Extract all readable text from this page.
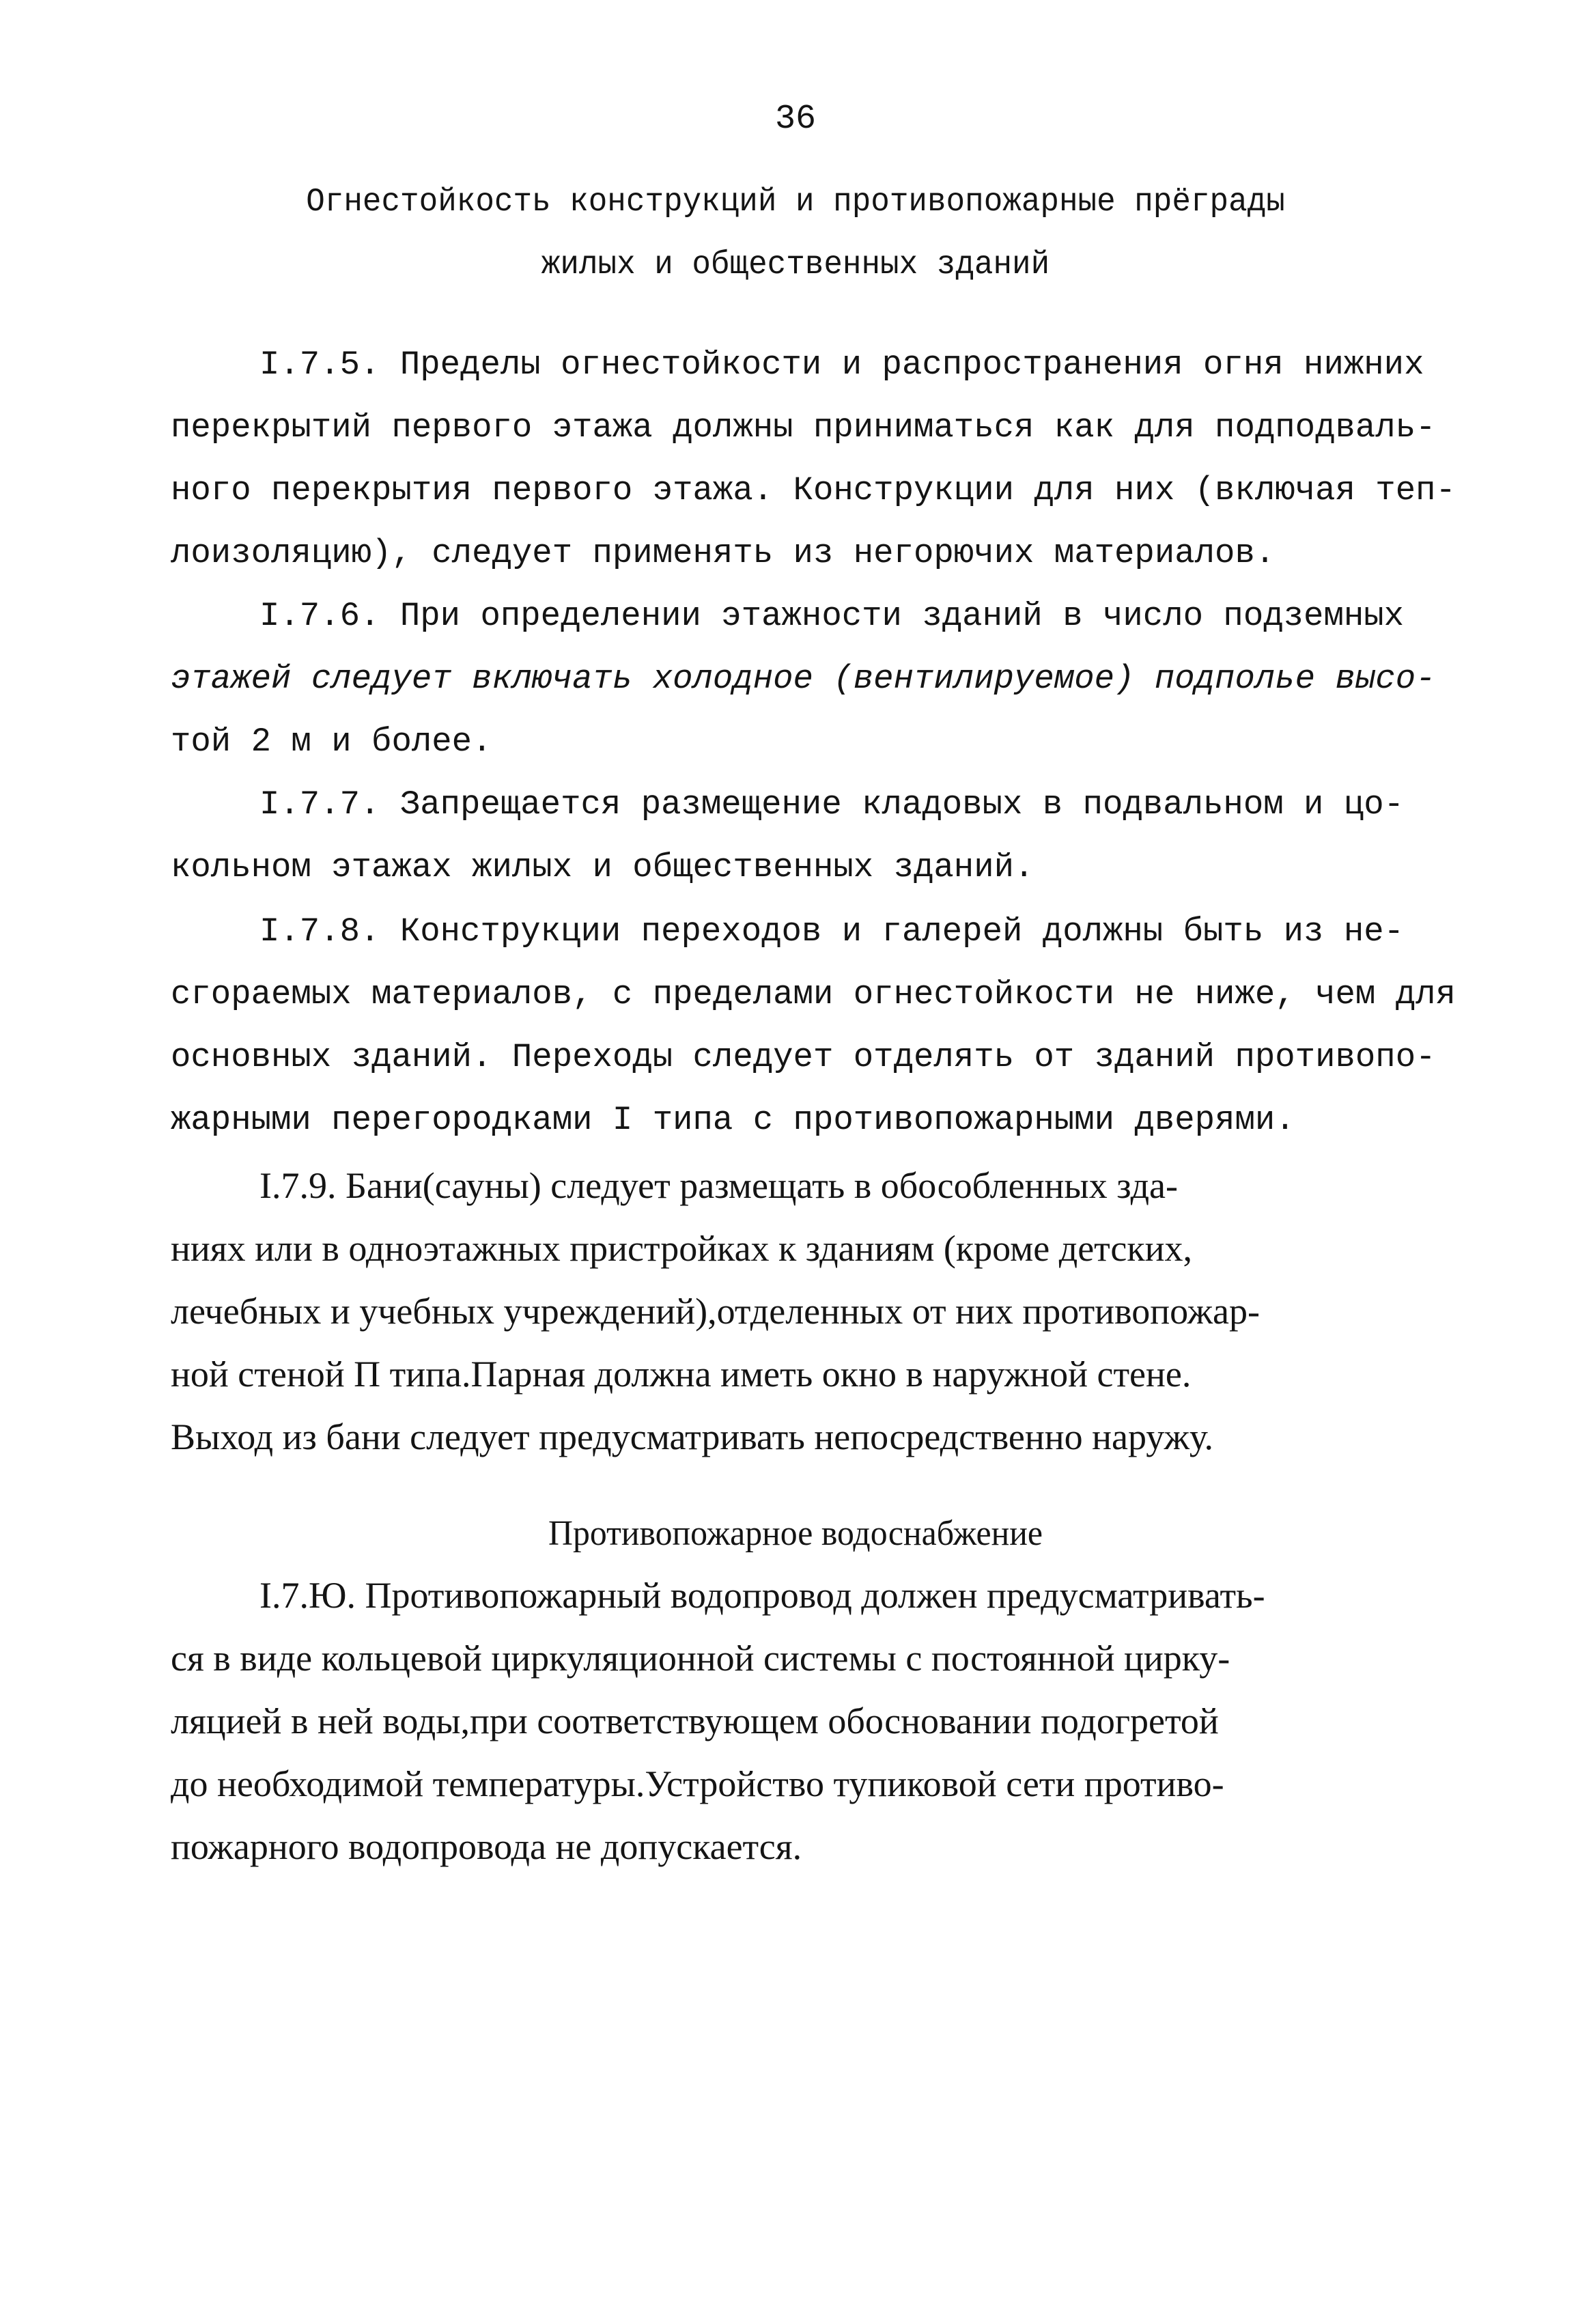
36
Огнестойкость конструкций и противопожарные прёграды
жилых и общественных зданий
I.7.5. Пределы огнестойкости и распространения огня нижних
перекрытий первого этажа должны приниматься как для подподваль-
ного перекрытия первого этажа. Конструкции для них (включая теп-
лоизоляцию), следует применять из негорючих материалов.
I.7.6. При определении этажности зданий в число подземных
этажей следует включать холодное (вентилируемое) подполье высо-
той 2 м и более.
I.7.7. Запрещается размещение кладовых в подвальном и цо-
кольном этажах жилых и общественных зданий.
I.7.8. Конструкции переходов и галерей должны быть из не-
сгораемых материалов, с пределами огнестойкости не ниже, чем для
основных зданий. Переходы следует отделять от зданий противопо-
жарными перегородками I типа с противопожарными дверями.
I.7.9. Бани(сауны) следует размещать в обособленных зда-
ниях или в одноэтажных пристройках к зданиям (кроме детских,
лечебных и учебных учреждений),отделенных от них противопожар-
ной стеной П типа.Парная должна иметь окно в наружной стене.
Выход из бани следует предусматривать непосредственно наружу.
Противопожарное водоснабжение
I.7.Ю. Противопожарный водопровод должен предусматривать-
ся в виде кольцевой циркуляционной системы с постоянной цирку-
ляцией в ней воды,при соответствующем обосновании подогретой
до необходимой температуры.Устройство тупиковой сети противо-
пожарного водопровода не допускается.
